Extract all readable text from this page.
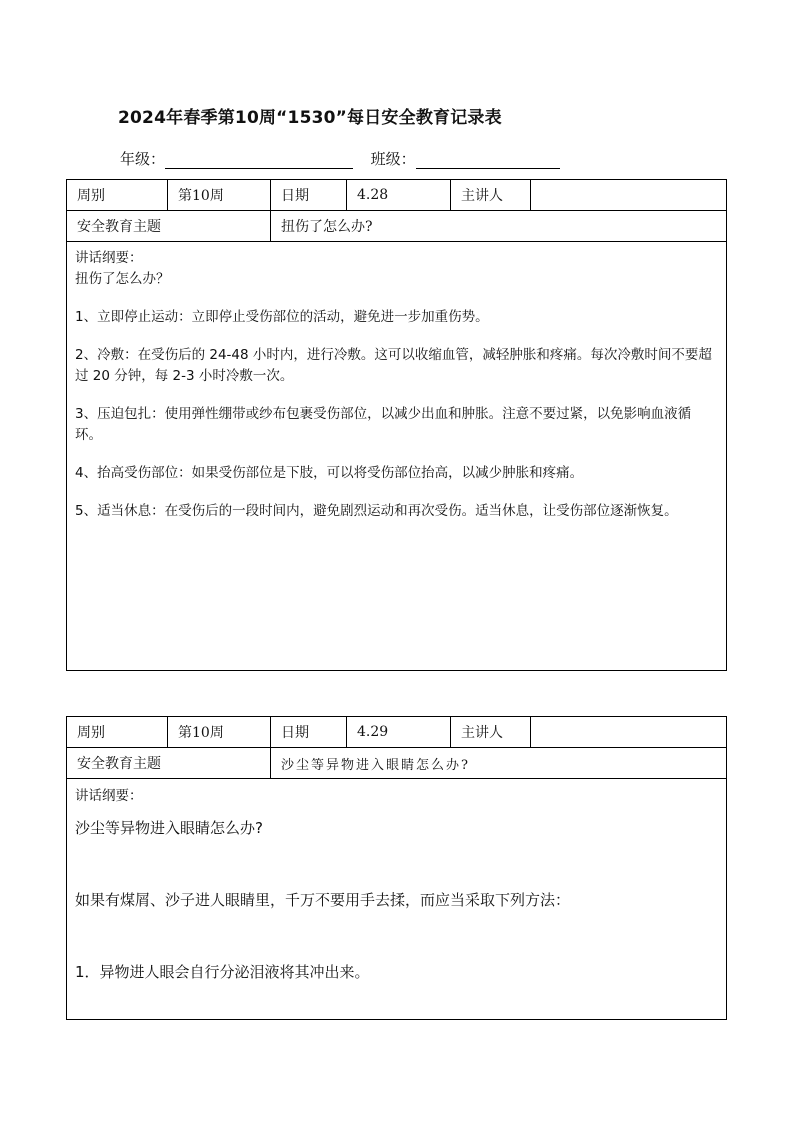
2024年春季第10周“1530”每日安全教育记录表
年级：	班级：
周别	第10周	日期	4.28	主讲人
安全教育主题	扭伤了怎么办?

讲话纲要：

扭伤了怎么办？

1、立即停止运动：立即停止受伤部位的活动，避免进一步加重伤势。

2、冷敷：在受伤后的 24-48 小时内，进行冷敷。这可以收缩血管，减轻肿胀和疼痛。每次冷敷时间不要超过 20 分钟，每 2-3 小时冷敷一次。

3、压迫包扎：使用弹性绷带或纱布包裹受伤部位，以减少出血和肿胀。注意不要过紧，以免影响血液循环。

4、抬高受伤部位：如果受伤部位是下肢，可以将受伤部位抬高，以减少肿胀和疼痛。

5、适当休息：在受伤后的一段时间内，避免剧烈运动和再次受伤。适当休息，让受伤部位逐渐恢复。

周别	第10周	日期	4.29	主讲人
安全教育主题	沙尘等异物进入眼睛怎么办?

讲话纲要：

沙尘等异物进入眼睛怎么办?

如果有煤屑、沙子进人眼睛里，千万不要用手去揉，而应当采取下列方法：

1．异物进人眼会自行分泌泪液将其冲出来。
